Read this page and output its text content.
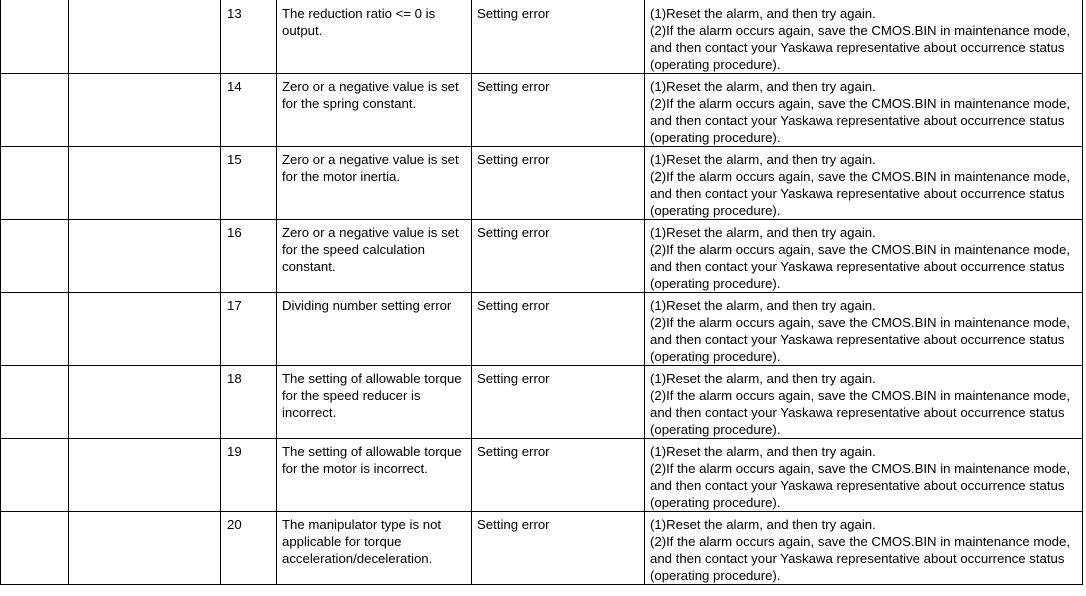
		13	The reduction ratio <= 0 is output.	Setting error	(1)Reset the alarm, and then try again.
(2)If the alarm occurs again, save the CMOS.BIN in maintenance mode, and then contact your Yaskawa representative about occurrence status (operating procedure).

		14	Zero or a negative value is set for the spring constant.	Setting error	(1)Reset the alarm, and then try again.
(2)If the alarm occurs again, save the CMOS.BIN in maintenance mode, and then contact your Yaskawa representative about occurrence status (operating procedure).

		15	Zero or a negative value is set for the motor inertia.	Setting error	(1)Reset the alarm, and then try again.
(2)If the alarm occurs again, save the CMOS.BIN in maintenance mode, and then contact your Yaskawa representative about occurrence status (operating procedure).

		16	Zero or a negative value is set for the speed calculation constant.	Setting error	(1)Reset the alarm, and then try again.
(2)If the alarm occurs again, save the CMOS.BIN in maintenance mode, and then contact your Yaskawa representative about occurrence status (operating procedure).

		17	Dividing number setting error	Setting error	(1)Reset the alarm, and then try again.
(2)If the alarm occurs again, save the CMOS.BIN in maintenance mode, and then contact your Yaskawa representative about occurrence status (operating procedure).

		18	The setting of allowable torque for the speed reducer is incorrect.	Setting error	(1)Reset the alarm, and then try again.
(2)If the alarm occurs again, save the CMOS.BIN in maintenance mode, and then contact your Yaskawa representative about occurrence status (operating procedure).

		19	The setting of allowable torque for the motor is incorrect.	Setting error	(1)Reset the alarm, and then try again.
(2)If the alarm occurs again, save the CMOS.BIN in maintenance mode, and then contact your Yaskawa representative about occurrence status (operating procedure).

		20	The manipulator type is not applicable for torque acceleration/deceleration.	Setting error	(1)Reset the alarm, and then try again.
(2)If the alarm occurs again, save the CMOS.BIN in maintenance mode, and then contact your Yaskawa representative about occurrence status (operating procedure).
